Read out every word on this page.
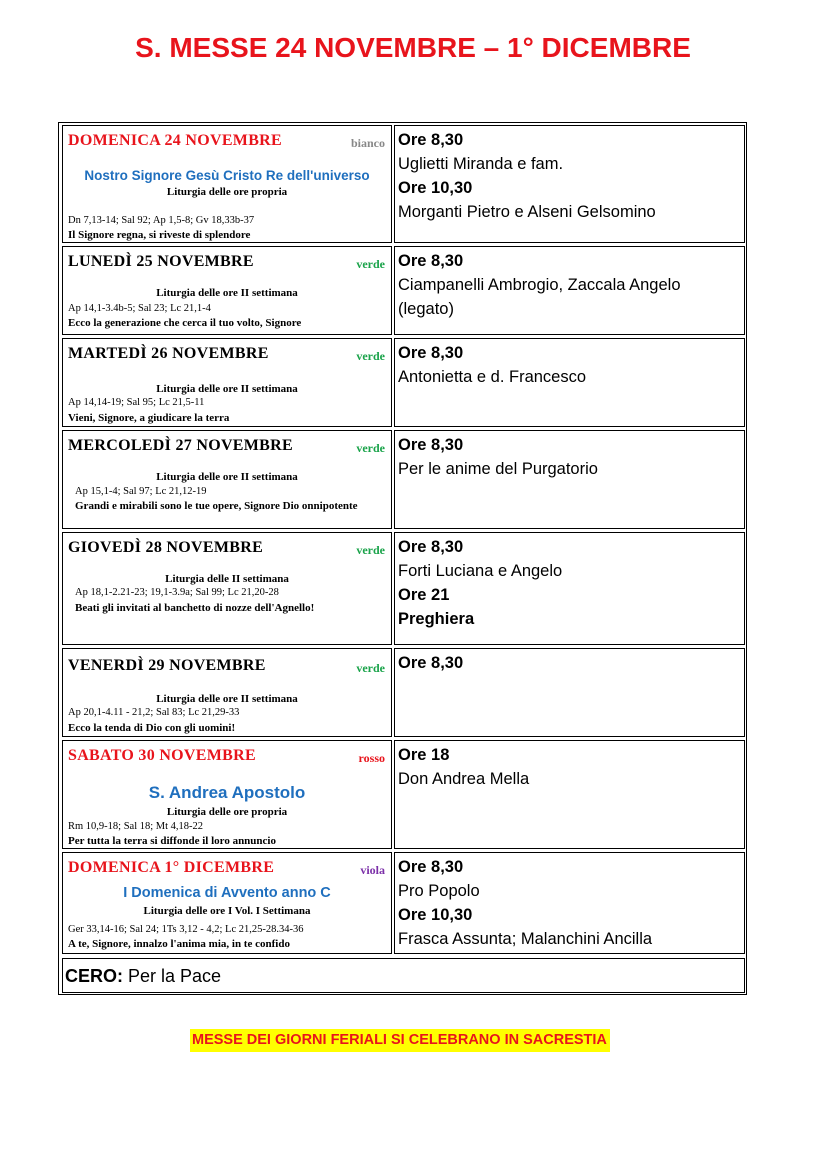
S. MESSE 24 NOVEMBRE – 1° DICEMBRE
DOMENICA 24 NOVEMBRE	bianco
Nostro Signore Gesù Cristo Re dell'universo
Liturgia delle ore propria
Dn 7,13-14; Sal 92; Ap 1,5-8; Gv 18,33b-37
Il Signore regna, si riveste di splendore
Ore 8,30
Uglietti Miranda e fam.
Ore 10,30
Morganti Pietro e Alseni Gelsomino
LUNEDÌ 25 NOVEMBRE	verde
Liturgia delle ore II settimana
Ap 14,1-3.4b-5; Sal 23; Lc 21,1-4
Ecco la generazione che cerca il tuo volto, Signore
Ore 8,30
Ciampanelli Ambrogio, Zaccala Angelo (legato)
MARTEDÌ 26 NOVEMBRE	verde
Liturgia delle ore II settimana
Ap 14,14-19; Sal 95; Lc 21,5-11
Vieni, Signore, a giudicare la terra
Ore 8,30
Antonietta e d. Francesco
MERCOLEDÌ 27 NOVEMBRE	verde
Liturgia delle ore II settimana
Ap 15,1-4; Sal 97; Lc 21,12-19
Grandi e mirabili sono le tue opere, Signore Dio onnipotente
Ore 8,30
Per le anime del Purgatorio
GIOVEDÌ 28 NOVEMBRE	verde
Liturgia delle II settimana
Ap 18,1-2.21-23; 19,1-3.9a; Sal 99; Lc 21,20-28
Beati gli invitati al banchetto di nozze dell'Agnello!
Ore 8,30
Forti Luciana e Angelo
Ore 21
Preghiera
VENERDÌ 29 NOVEMBRE	verde
Liturgia delle ore II settimana
Ap 20,1-4.11 - 21,2; Sal 83; Lc 21,29-33
Ecco la tenda di Dio con gli uomini!
Ore 8,30
SABATO 30 NOVEMBRE	rosso
S. Andrea Apostolo
Liturgia delle ore propria
Rm 10,9-18; Sal 18; Mt 4,18-22
Per tutta la terra si diffonde il loro annuncio
Ore 18
Don Andrea Mella
DOMENICA 1° DICEMBRE	viola
I Domenica di Avvento anno C
Liturgia delle ore I Vol. I Settimana
Ger 33,14-16; Sal 24; 1Ts 3,12 - 4,2; Lc 21,25-28.34-36
A te, Signore, innalzo l'anima mia, in te confido
Ore 8,30
Pro Popolo
Ore 10,30
Frasca Assunta; Malanchini Ancilla
CERO: Per la Pace
MESSE DEI GIORNI FERIALI SI CELEBRANO IN SACRESTIA
